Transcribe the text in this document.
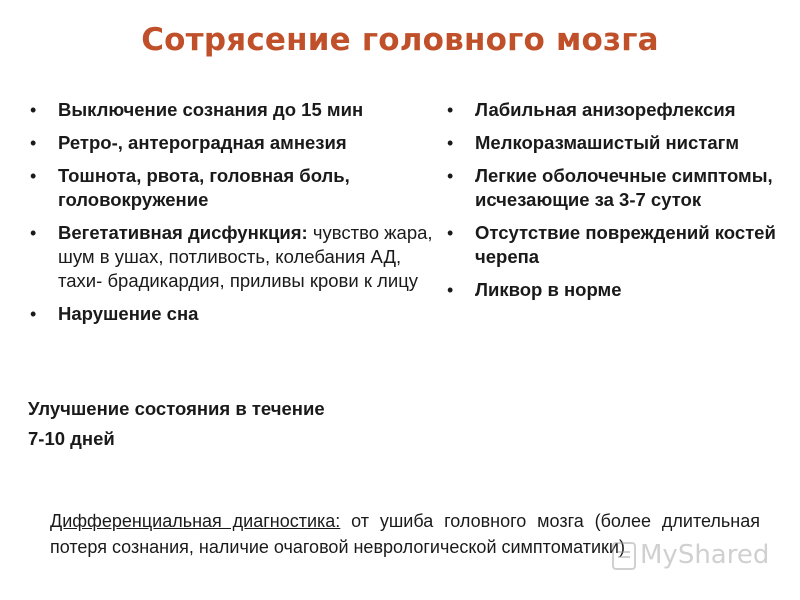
Сотрясение головного мозга
• Выключение сознания до 15 мин
• Ретро-, антероградная амнезия
• Тошнота, рвота, головная боль, головокружение
• Вегетативная дисфункция: чувство жара, шум в ушах, потливость, колебания АД, тахи- брадикардия, приливы крови к лицу
• Нарушение сна
• Лабильная анизорефлексия
• Мелкоразмашистый нистагм
• Легкие оболочечные симптомы, исчезающие за 3-7 суток
• Отсутствие повреждений костей черепа
• Ликвор в норме
Улучшение состояния в течение
7-10 дней
Дифференциальная диагностика: от ушиба головного мозга (более длительная потеря сознания, наличие очаговой неврологической симптоматики) MyShared
